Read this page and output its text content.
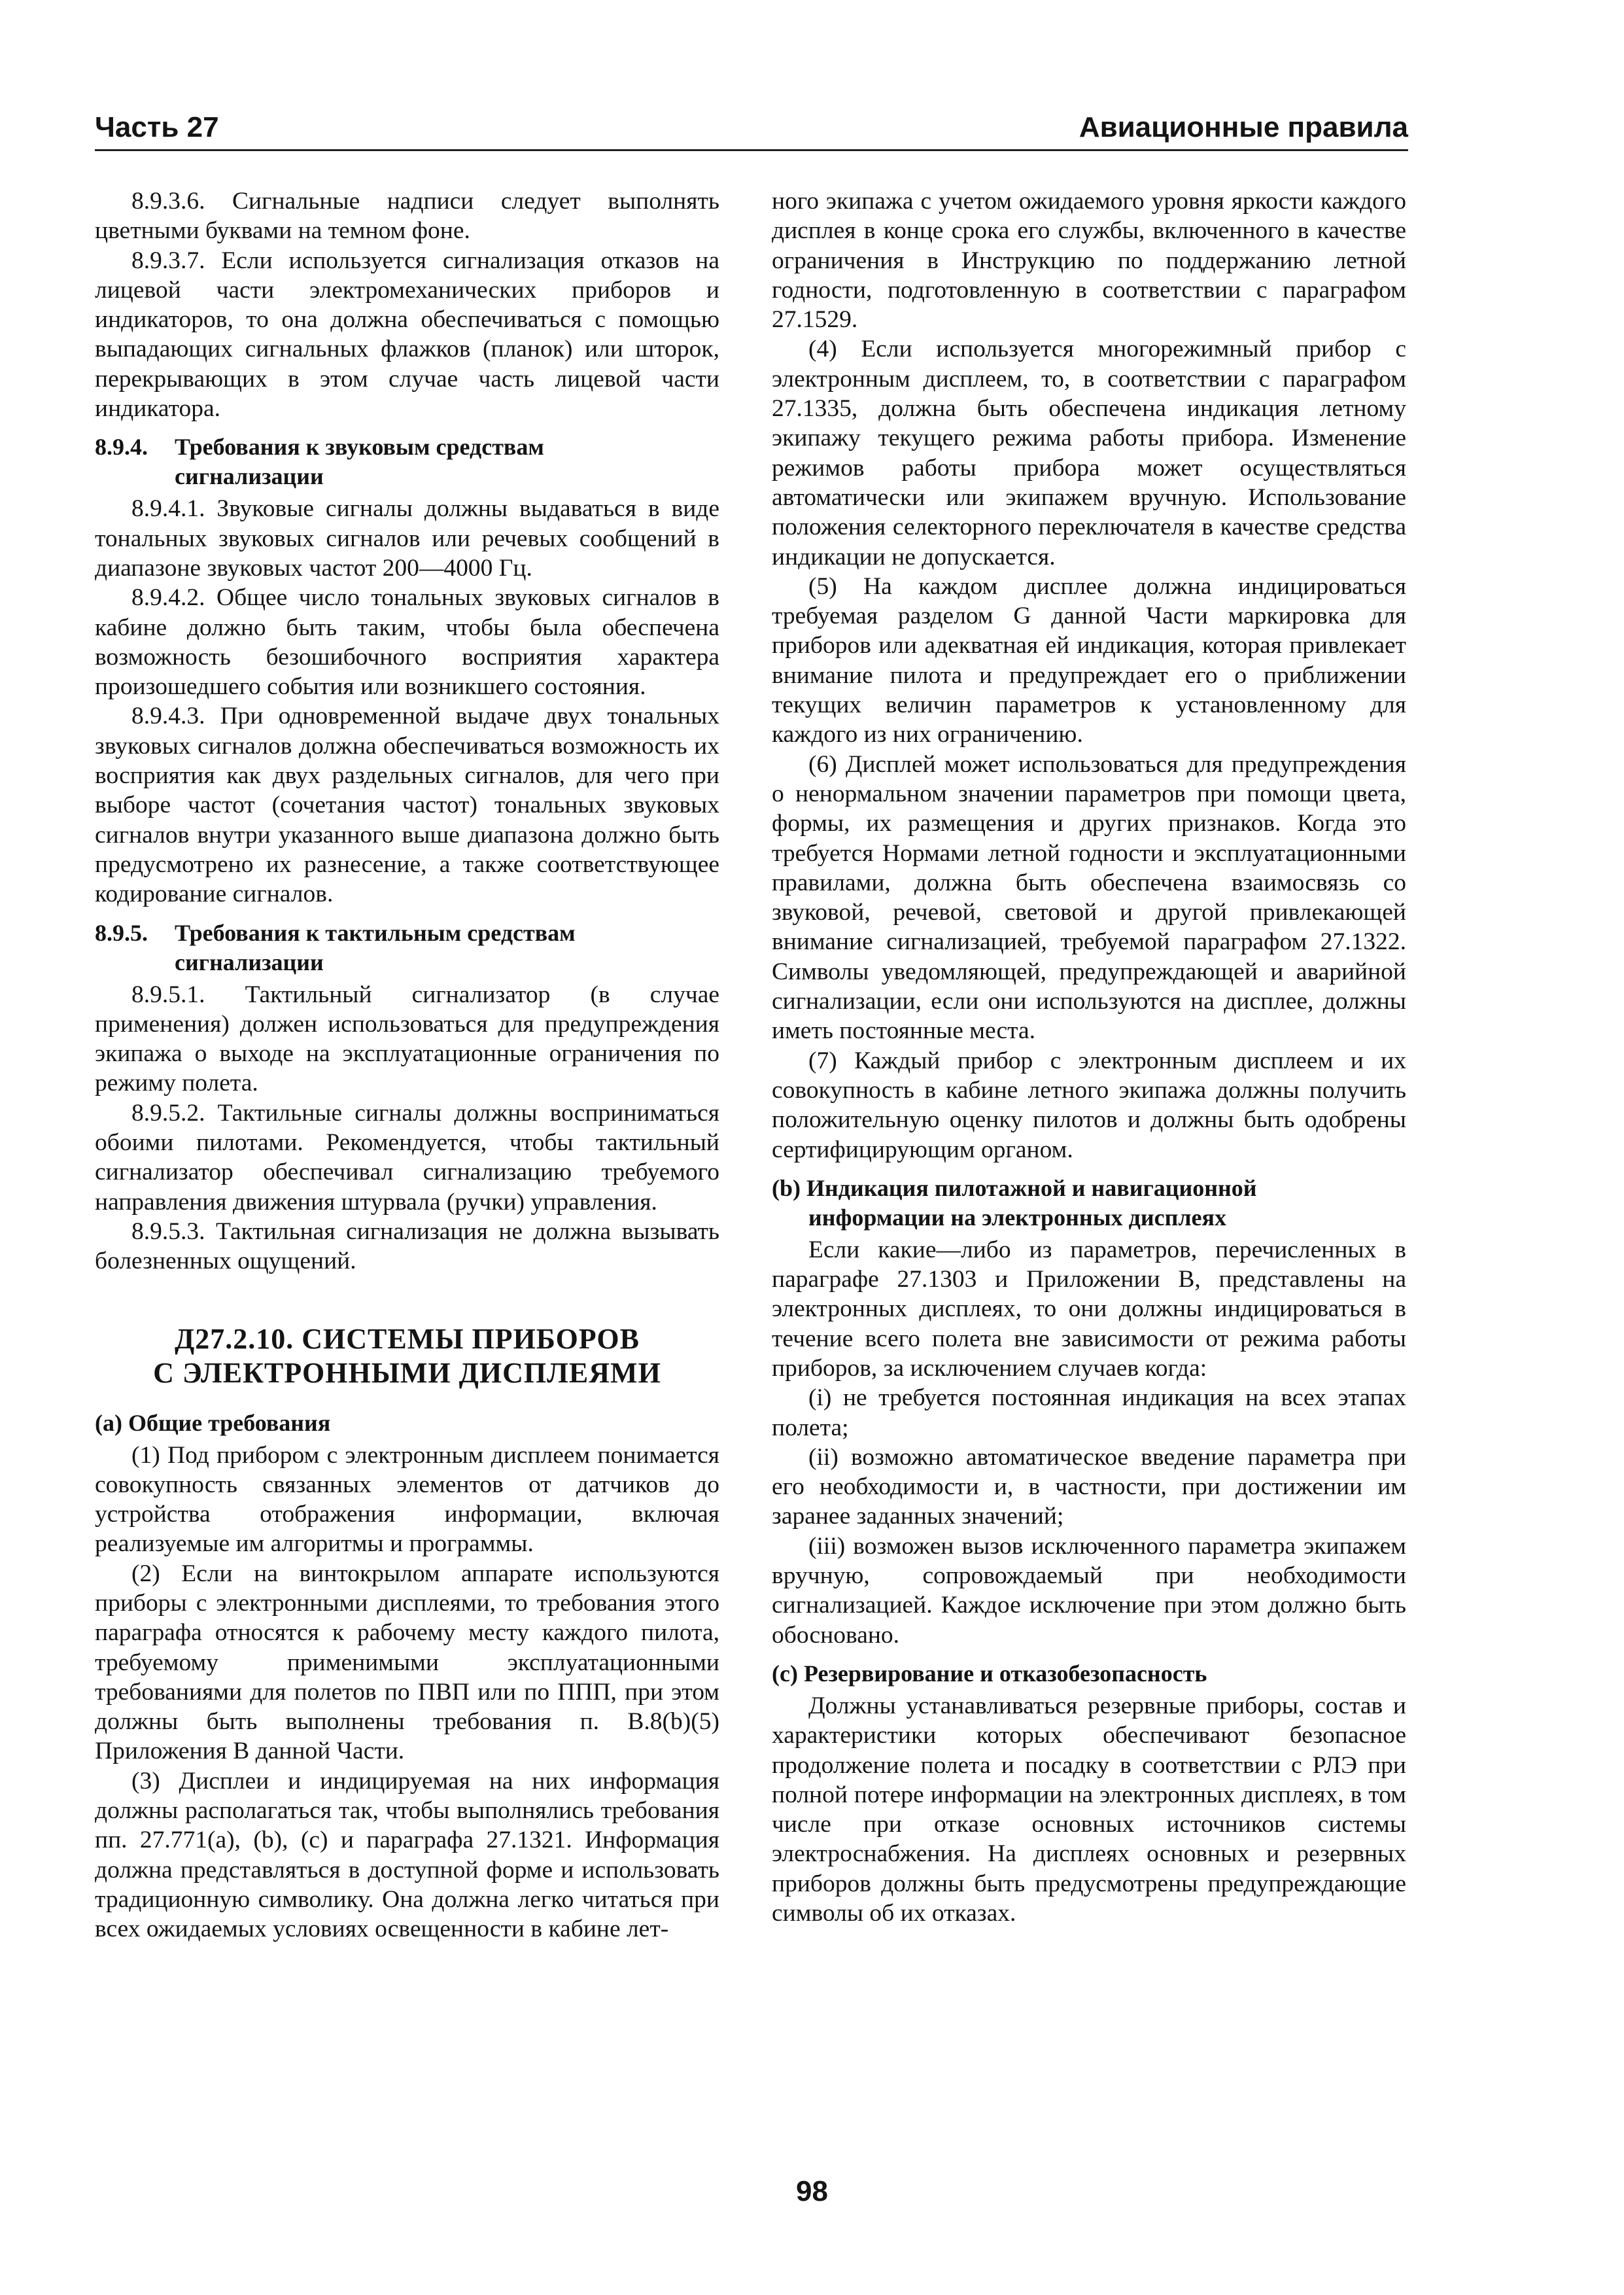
Часть 27	Авиационные правила

8.9.3.6. Сигнальные надписи следует выполнять цветными буквами на темном фоне.

8.9.3.7. Если используется сигнализация отказов на лицевой части электромеханических приборов и индикаторов, то она должна обеспечиваться с помощью выпадающих сигнальных флажков (планок) или шторок, перекрывающих в этом случае часть лицевой части индикатора.

8.9.4. Требования к звуковым средствам
сигнализации

8.9.4.1. Звуковые сигналы должны выдаваться в виде тональных звуковых сигналов или речевых сообщений в диапазоне звуковых частот 200—4000 Гц.

8.9.4.2. Общее число тональных звуковых сигналов в кабине должно быть таким, чтобы была обеспечена возможность безошибочного восприятия характера произошедшего события или возникшего состояния.

8.9.4.3. При одновременной выдаче двух тональных звуковых сигналов должна обеспечиваться возможность их восприятия как двух раздельных сигналов, для чего при выборе частот (сочетания частот) тональных звуковых сигналов внутри указанного выше диапазона должно быть предусмотрено их разнесение, а также соответствующее кодирование сигналов.

8.9.5. Требования к тактильным средствам
сигнализации

8.9.5.1. Тактильный сигнализатор (в случае применения) должен использоваться для предупреждения экипажа о выходе на эксплуатационные ограничения по режиму полета.

8.9.5.2. Тактильные сигналы должны восприниматься обоими пилотами. Рекомендуется, чтобы тактильный сигнализатор обеспечивал сигнализацию требуемого направления движения штурвала (ручки) управления.

8.9.5.3. Тактильная сигнализация не должна вызывать болезненных ощущений.

Д27.2.10. СИСТЕМЫ ПРИБОРОВ
С ЭЛЕКТРОННЫМИ ДИСПЛЕЯМИ
(a) Общие требования

(1) Под прибором с электронным дисплеем понимается совокупность связанных элементов от датчиков до устройства отображения информации, включая реализуемые им алгоритмы и программы.

(2) Если на винтокрылом аппарате используются приборы с электронными дисплеями, то требования этого параграфа относятся к рабочему месту каждого пилота, требуемому применимыми эксплуатационными требованиями для полетов по ПВП или по ППП, при этом должны быть выполнены требования п. В.8(b)(5) Приложения В данной Части.

(3) Дисплеи и индицируемая на них информация должны располагаться так, чтобы выполнялись требования пп. 27.771(a), (b), (c) и параграфа 27.1321. Информация должна представляться в доступной форме и использовать традиционную символику. Она должна легко читаться при всех ожидаемых условиях освещенности в кабине лет-

ного экипажа с учетом ожидаемого уровня яркости каждого дисплея в конце срока его службы, включенного в качестве ограничения в Инструкцию по поддержанию летной годности, подготовленную в соответствии с параграфом 27.1529.

(4) Если используется многорежимный прибор с электронным дисплеем, то, в соответствии с параграфом 27.1335, должна быть обеспечена индикация летному экипажу текущего режима работы прибора. Изменение режимов работы прибора может осуществляться автоматически или экипажем вручную. Использование положения селекторного переключателя в качестве средства индикации не допускается.

(5) На каждом дисплее должна индицироваться требуемая разделом G данной Части маркировка для приборов или адекватная ей индикация, которая привлекает внимание пилота и предупреждает его о приближении текущих величин параметров к установленному для каждого из них ограничению.

(6) Дисплей может использоваться для предупреждения о ненормальном значении параметров при помощи цвета, формы, их размещения и других признаков. Когда это требуется Нормами летной годности и эксплуатационными правилами, должна быть обеспечена взаимосвязь со звуковой, речевой, световой и другой привлекающей внимание сигнализацией, требуемой параграфом 27.1322. Символы уведомляющей, предупреждающей и аварийной сигнализации, если они используются на дисплее, должны иметь постоянные места.

(7) Каждый прибор с электронным дисплеем и их совокупность в кабине летного экипажа должны получить положительную оценку пилотов и должны быть одобрены сертифицирующим органом.

(b) Индикация пилотажной и навигационной
информации на электронных дисплеях

Если какие—либо из параметров, перечисленных в параграфе 27.1303 и Приложении В, представлены на электронных дисплеях, то они должны индицироваться в течение всего полета вне зависимости от режима работы приборов, за исключением случаев когда:

(i) не требуется постоянная индикация на всех этапах полета;

(ii) возможно автоматическое введение параметра при его необходимости и, в частности, при достижении им заранее заданных значений;

(iii) возможен вызов исключенного параметра экипажем вручную, сопровождаемый при необходимости сигнализацией. Каждое исключение при этом должно быть обосновано.

(c) Резервирование и отказобезопасность

Должны устанавливаться резервные приборы, состав и характеристики которых обеспечивают безопасное продолжение полета и посадку в соответствии с РЛЭ при полной потере информации на электронных дисплеях, в том числе при отказе основных источников системы электроснабжения. На дисплеях основных и резервных приборов должны быть предусмотрены предупреждающие символы об их отказах.

98
